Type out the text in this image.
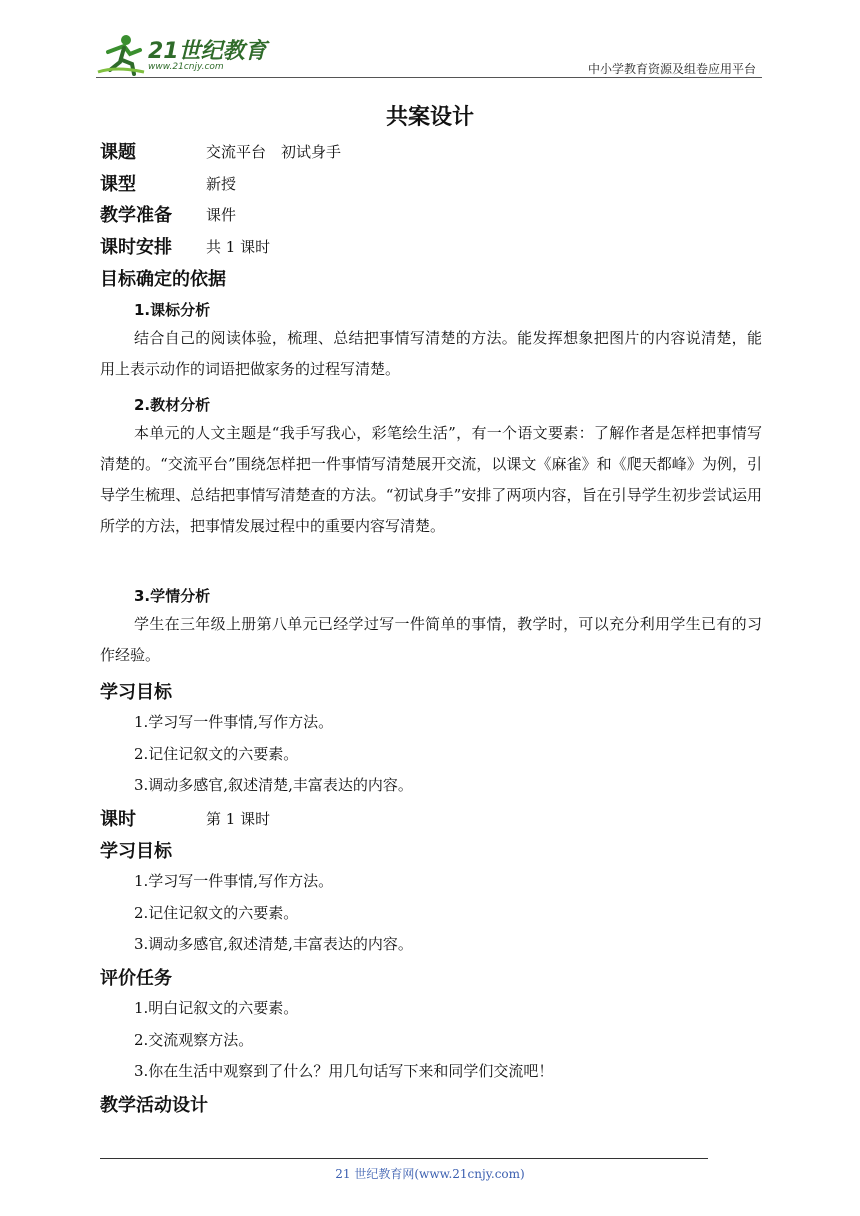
21世纪教育
www.21cnjy.com	中小学教育资源及组卷应用平台
共案设计
课题	交流平台　初试身手
课型	新授
教学准备 课件
课时安排 共 1 课时
目标确定的依据
1.课标分析
结合自己的阅读体验，梳理、总结把事情写清楚的方法。能发挥想象把图片的内容说清楚，能用上表示动作的词语把做家务的过程写清楚。
2.教材分析
本单元的人文主题是“我手写我心，彩笔绘生活”，有一个语文要素：了解作者是怎样把事情写清楚的。“交流平台”围绕怎样把一件事情写清楚展开交流，以课文《麻雀》和《爬天都峰》为例，引导学生梳理、总结把事情写清楚查的方法。“初试身手”安排了两项内容，旨在引导学生初步尝试运用所学的方法，把事情发展过程中的重要内容写清楚。
3.学情分析
学生在三年级上册第八单元已经学过写一件简单的事情，教学时，可以充分利用学生已有的习作经验。
学习目标
1.学习写一件事情,写作方法。
2.记住记叙文的六要素。
3.调动多感官,叙述清楚,丰富表达的内容。
课时	第 1 课时
学习目标
1.学习写一件事情,写作方法。
2.记住记叙文的六要素。
3.调动多感官,叙述清楚,丰富表达的内容。
评价任务
1.明白记叙文的六要素。
2.交流观察方法。
3.你在生活中观察到了什么？用几句话写下来和同学们交流吧！
教学活动设计
21 世纪教育网(www.21cnjy.com)
